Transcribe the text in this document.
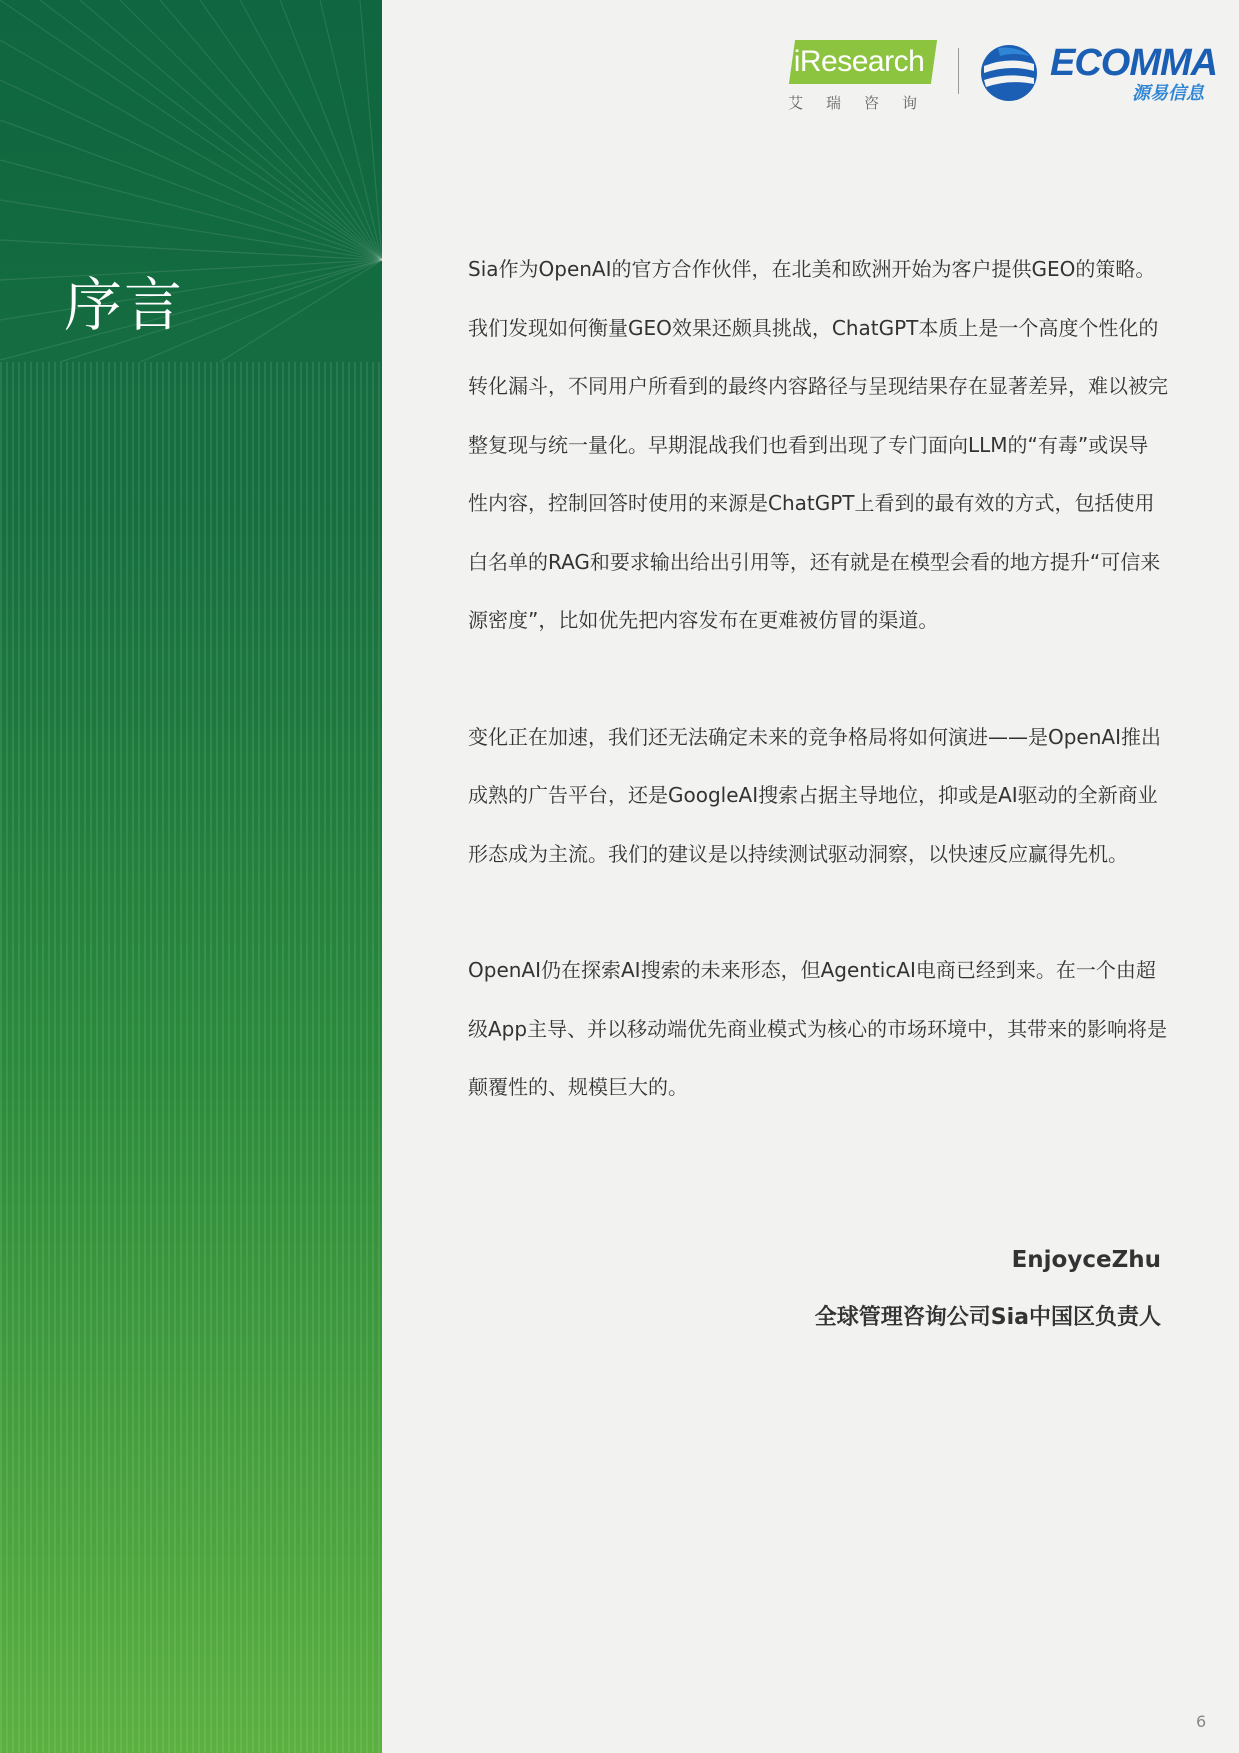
序言
iResearch
艾瑞咨询
ECOMMA
源易信息

Sia作为OpenAI的官方合作伙伴，在北美和欧洲开始为客户提供GEO的策略。我们发现如何衡量GEO效果还颇具挑战，ChatGPT本质上是一个高度个性化的转化漏斗，不同用户所看到的最终内容路径与呈现结果存在显著差异，难以被完整复现与统一量化。早期混战我们也看到出现了专门面向LLM的“有毒”或误导性内容，控制回答时使用的来源是ChatGPT上看到的最有效的方式，包括使用白名单的RAG和要求输出给出引用等，还有就是在模型会看的地方提升“可信来源密度”，比如优先把内容发布在更难被仿冒的渠道。

变化正在加速，我们还无法确定未来的竞争格局将如何演进——是OpenAI推出成熟的广告平台，还是GoogleAI搜索占据主导地位，抑或是AI驱动的全新商业形态成为主流。我们的建议是以持续测试驱动洞察，以快速反应赢得先机。

OpenAI仍在探索AI搜索的未来形态，但AgenticAI电商已经到来。在一个由超级App主导、并以移动端优先商业模式为核心的市场环境中，其带来的影响将是颠覆性的、规模巨大的。

EnjoyceZhu
全球管理咨询公司Sia中国区负责人
6
